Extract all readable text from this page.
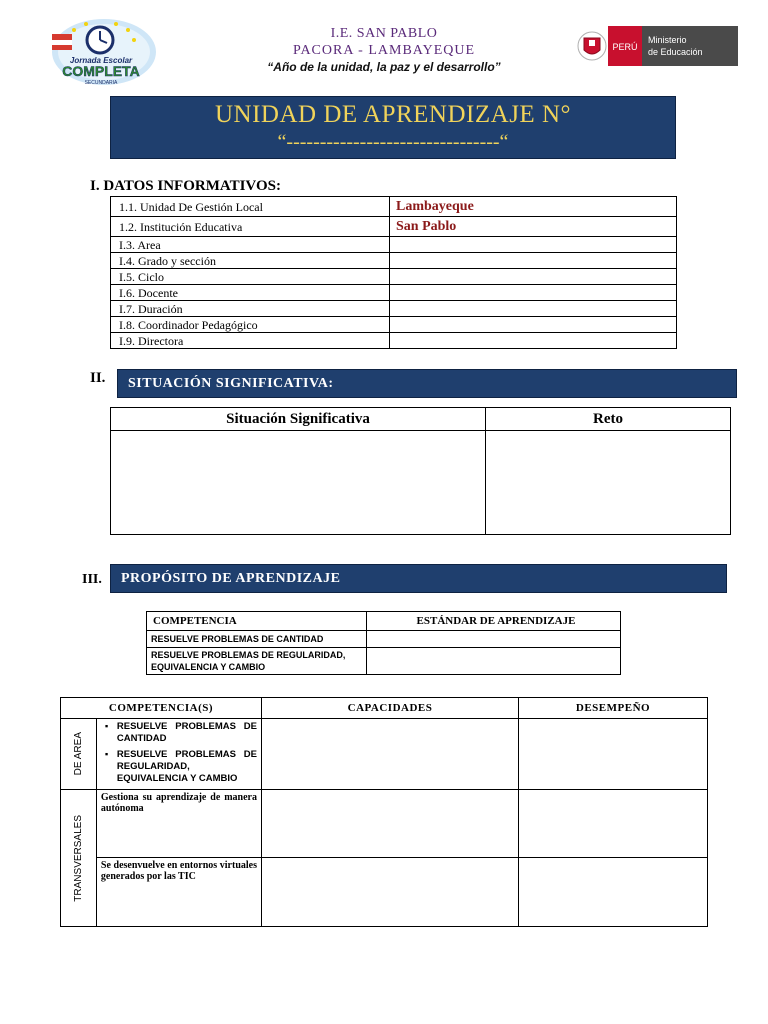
Jornada Escolar
COMPLETA
SECUNDARIA
I.E. SAN PABLO
PACORA - LAMBAYEQUE
“Año de la unidad, la paz y el desarrollo”
PERÚ
Ministerio
de Educación
UNIDAD DE APRENDIZAJE N°
“--------------------------------“
I. DATOS INFORMATIVOS:
1.1. Unidad De Gestión Local	Lambayeque
1.2. Institución Educativa	San Pablo
I.3. Area	
I.4. Grado y sección	
I.5. Ciclo	
I.6. Docente	
I.7. Duración	
I.8. Coordinador Pedagógico	
I.9. Directora	
II. SITUACIÓN SIGNIFICATIVA:
Situación Significativa	Reto

III. PROPÓSITO DE APRENDIZAJE
COMPETENCIA	ESTÁNDAR DE APRENDIZAJE
RESUELVE PROBLEMAS DE CANTIDAD	
RESUELVE PROBLEMAS DE REGULARIDAD, EQUIVALENCIA Y CAMBIO	
COMPETENCIA(S)		CAPACIDADES	DESEMPEÑO

DE AREA	▪ RESUELVE PROBLEMAS DE CANTIDAD
▪ RESUELVE PROBLEMAS DE REGULARIDAD, EQUIVALENCIA Y CAMBIO

TRANSVERSALES	Gestiona su aprendizaje de manera autónoma		

	Se desenvuelve en entornos virtuales generados por las TIC		
